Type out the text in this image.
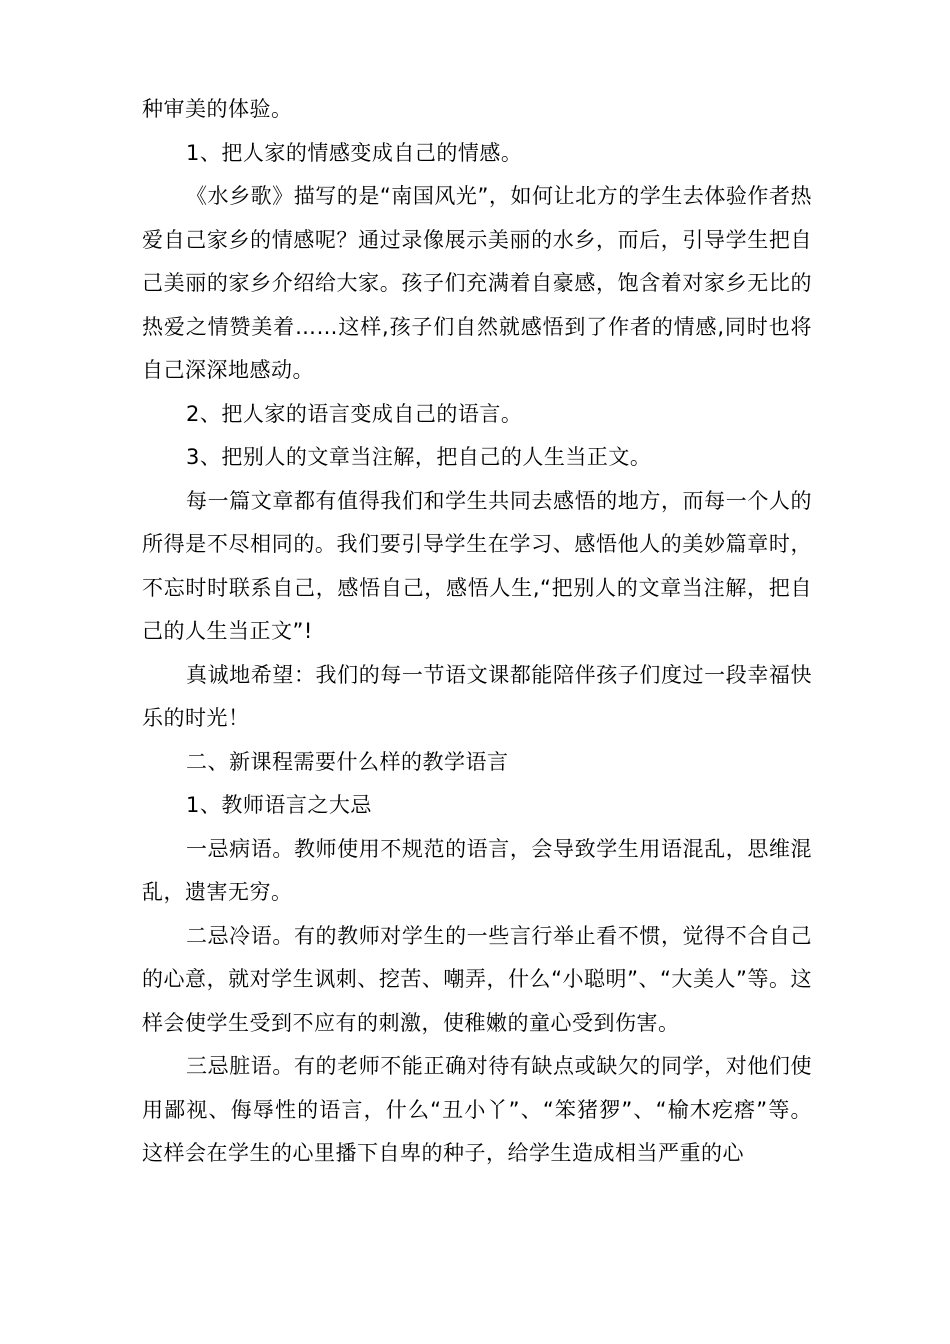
种审美的体验。

1、把人家的情感变成自己的情感。

《水乡歌》描写的是“南国风光”，如何让北方的学生去体验作者热爱自己家乡的情感呢？通过录像展示美丽的水乡，而后，引导学生把自己美丽的家乡介绍给大家。孩子们充满着自豪感，饱含着对家乡无比的热爱之情赞美着……这样,孩子们自然就感悟到了作者的情感,同时也将自己深深地感动。

2、把人家的语言变成自己的语言。

3、把别人的文章当注解，把自己的人生当正文。

每一篇文章都有值得我们和学生共同去感悟的地方，而每一个人的所得是不尽相同的。我们要引导学生在学习、感悟他人的美妙篇章时，不忘时时联系自己，感悟自己，感悟人生,“把别人的文章当注解，把自己的人生当正文”!

真诚地希望：我们的每一节语文课都能陪伴孩子们度过一段幸福快乐的时光！

二、新课程需要什么样的教学语言

1、教师语言之大忌

一忌病语。教师使用不规范的语言，会导致学生用语混乱，思维混乱，遗害无穷。

二忌冷语。有的教师对学生的一些言行举止看不惯，觉得不合自己的心意，就对学生讽刺、挖苦、嘲弄，什么“小聪明”、“大美人”等。这样会使学生受到不应有的刺激，使稚嫩的童心受到伤害。

三忌脏语。有的老师不能正确对待有缺点或缺欠的同学，对他们使用鄙视、侮辱性的语言，什么“丑小丫”、“笨猪猡”、“榆木疙瘩”等。这样会在学生的心里播下自卑的种子，给学生造成相当严重的心
